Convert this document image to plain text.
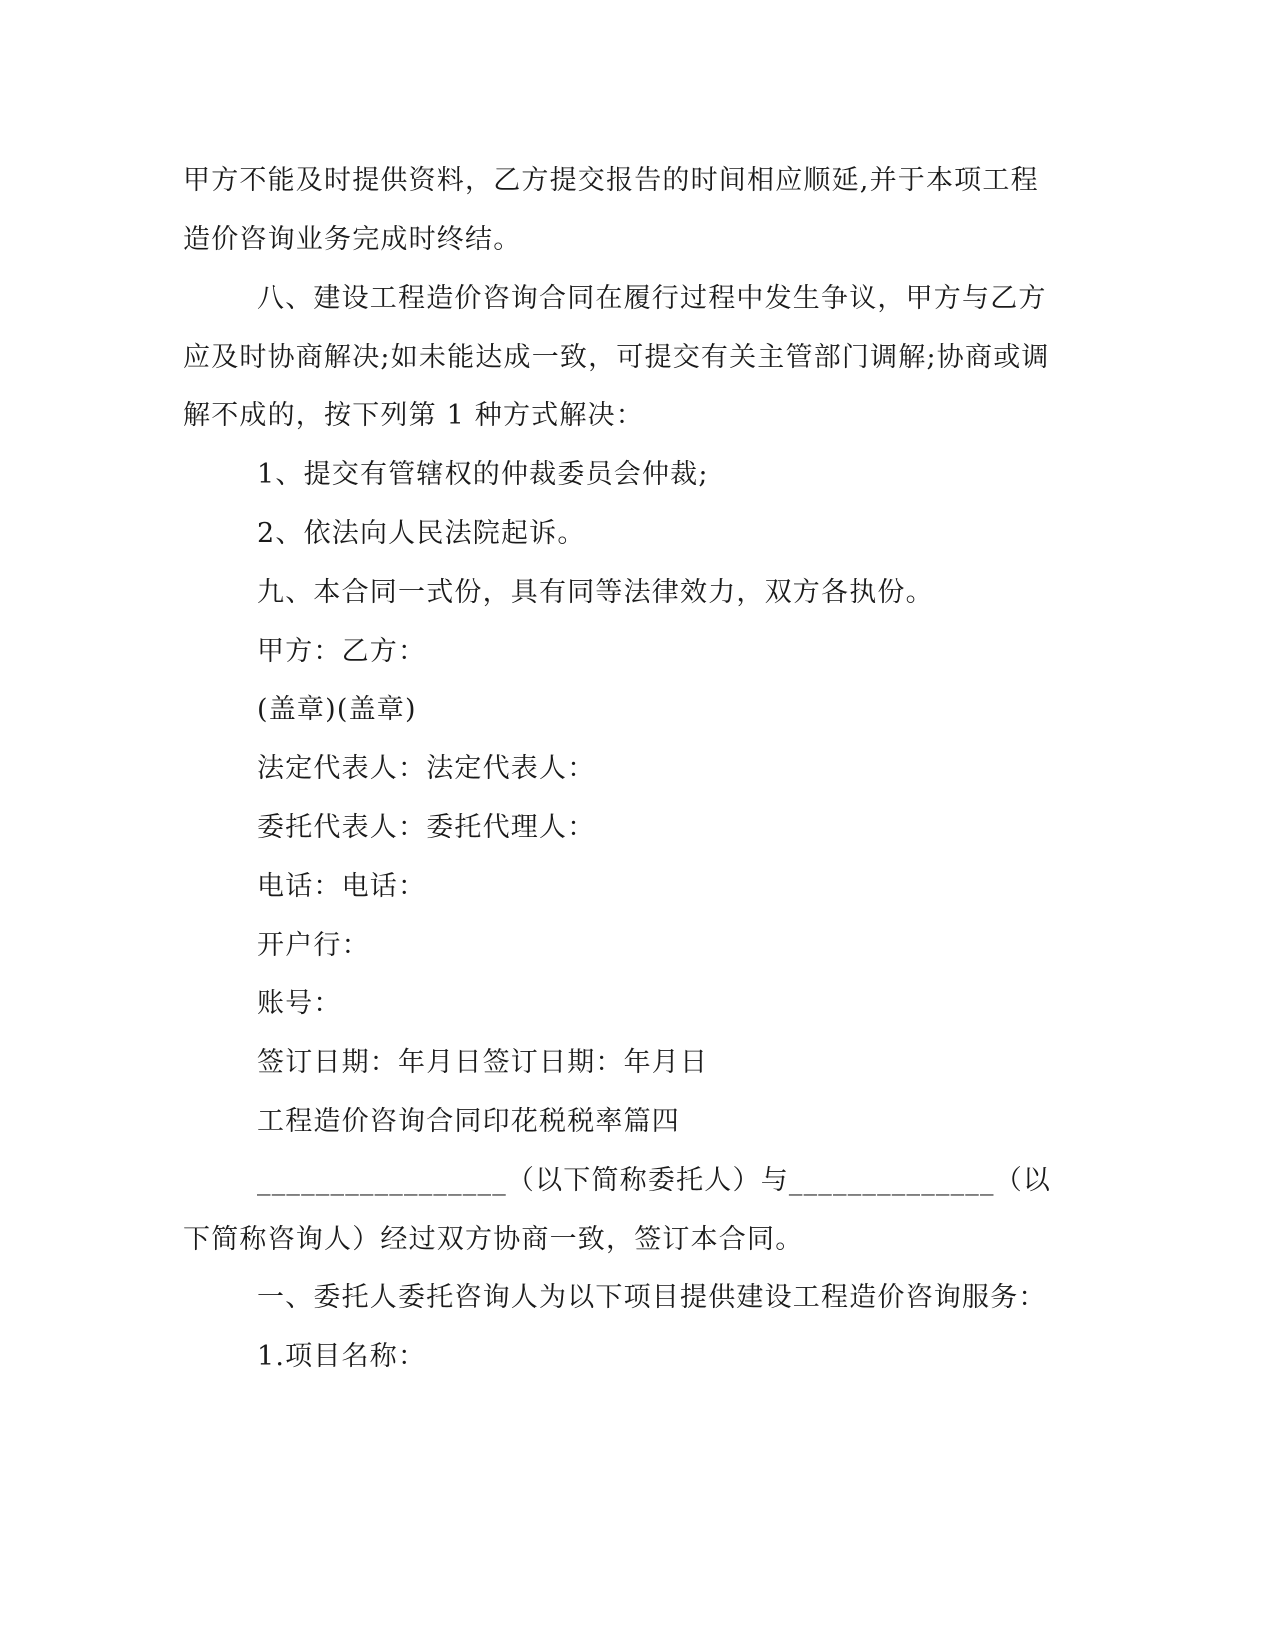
甲方不能及时提供资料，乙方提交报告的时间相应顺延,并于本项工程
造价咨询业务完成时终结。
八、建设工程造价咨询合同在履行过程中发生争议，甲方与乙方
应及时协商解决;如未能达成一致，可提交有关主管部门调解;协商或调
解不成的，按下列第 1 种方式解决：
1、提交有管辖权的仲裁委员会仲裁;
2、依法向人民法院起诉。
九、本合同一式份，具有同等法律效力，双方各执份。
甲方：乙方：
(盖章)(盖章)
法定代表人：法定代表人：
委托代表人：委托代理人：
电话：电话：
开户行：
账号：
签订日期：年月日签订日期：年月日
工程造价咨询合同印花税税率篇四
_________________（以下简称委托人）与______________（以
下简称咨询人）经过双方协商一致，签订本合同。
一、委托人委托咨询人为以下项目提供建设工程造价咨询服务：
1.项目名称：
